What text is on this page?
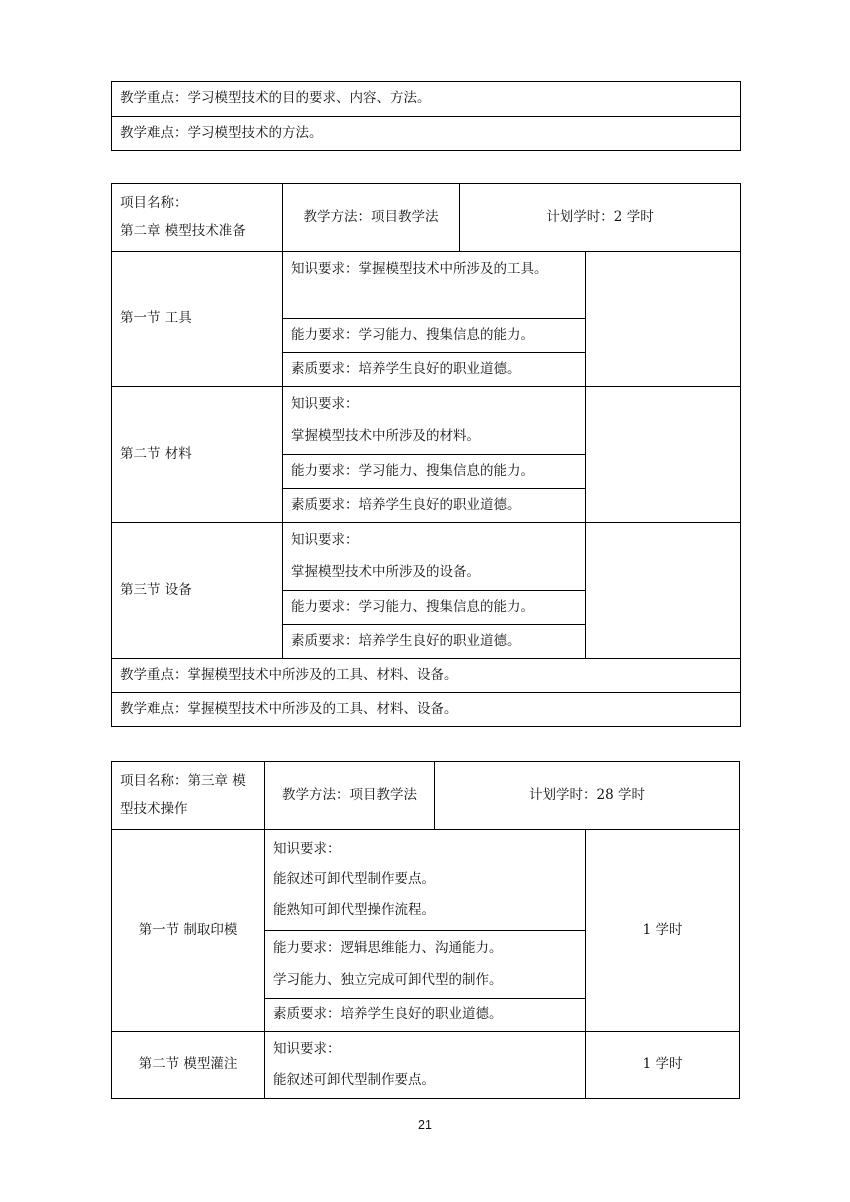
教学重点：学习模型技术的目的要求、内容、方法。
教学难点：学习模型技术的方法。
项目名称：
第二章 模型技术准备	教学方法：项目教学法	计划学时：2 学时	
第一节 工具	知识要求：掌握模型技术中所涉及的工具。		
	能力要求：学习能力、搜集信息的能力。		
	素质要求：培养学生良好的职业道德。		
第二节 材料	知识要求：
掌握模型技术中所涉及的材料。		

	能力要求：学习能力、搜集信息的能力。		
	素质要求：培养学生良好的职业道德。		
第三节 设备	知识要求：
掌握模型技术中所涉及的设备。		

	能力要求：学习能力、搜集信息的能力。		
	素质要求：培养学生良好的职业道德。		
教学重点：掌握模型技术中所涉及的工具、材料、设备。			
教学难点：掌握模型技术中所涉及的工具、材料、设备。			
项目名称：第三章 模
型技术操作	教学方法：项目教学法	计划学时：28 学时	
第一节 制取印模	知识要求：
能叙述可卸代型制作要点。
能熟知可卸代型操作流程。		1 学时

	能力要求：逻辑思维能力、沟通能力。
学习能力、独立完成可卸代型的制作。		

	素质要求：培养学生良好的职业道德。		
第二节 模型灌注	知识要求：
能叙述可卸代型制作要点。		1 学时
21
